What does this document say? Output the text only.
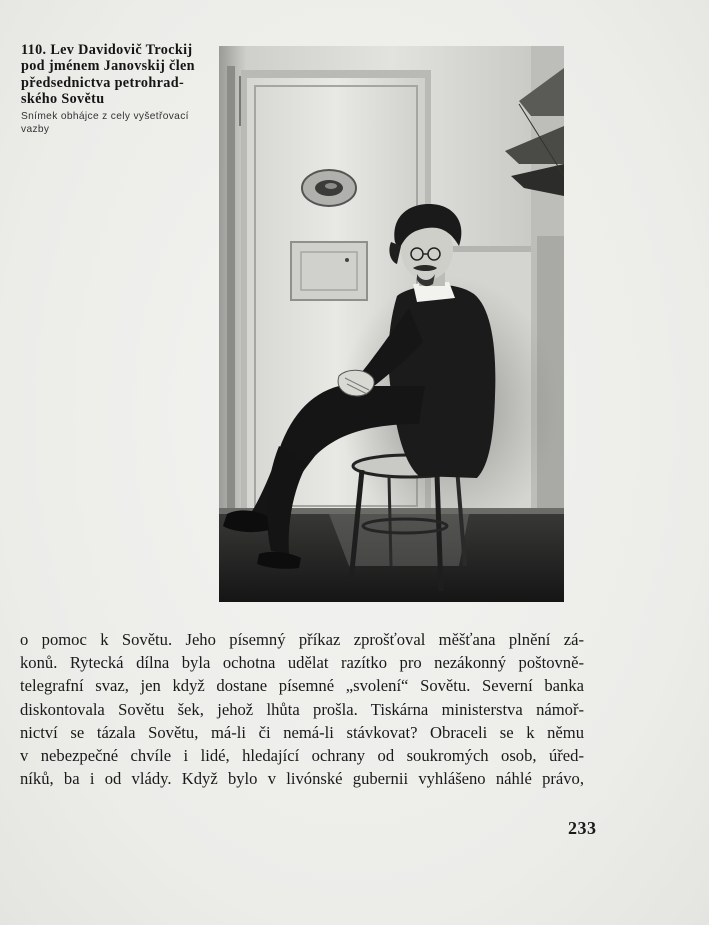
110. Lev Davidovič Trockij
pod jménem Janovskij člen
předsednictva petrohrad-
ského Sovětu
Snímek obhájce z cely vyšetřovací
vazby
o pomoc k Sovětu. Jeho písemný příkaz zprošťoval měšťana plnění zá-
konů. Rytecká dílna byla ochotna udělat razítko pro nezákonný poštovně-
telegrafní svaz, jen když dostane písemné „svolení“ Sovětu. Severní banka
diskontovala Sovětu šek, jehož lhůta prošla. Tiskárna ministerstva námoř-
nictví se tázala Sovětu, má-li či nemá-li stávkovat? Obraceli se k němu
v nebezpečné chvíle i lidé, hledající ochrany od soukromých osob, úřed-
níků, ba i od vlády. Když bylo v livónské gubernii vyhlášeno náhlé právo,
233
